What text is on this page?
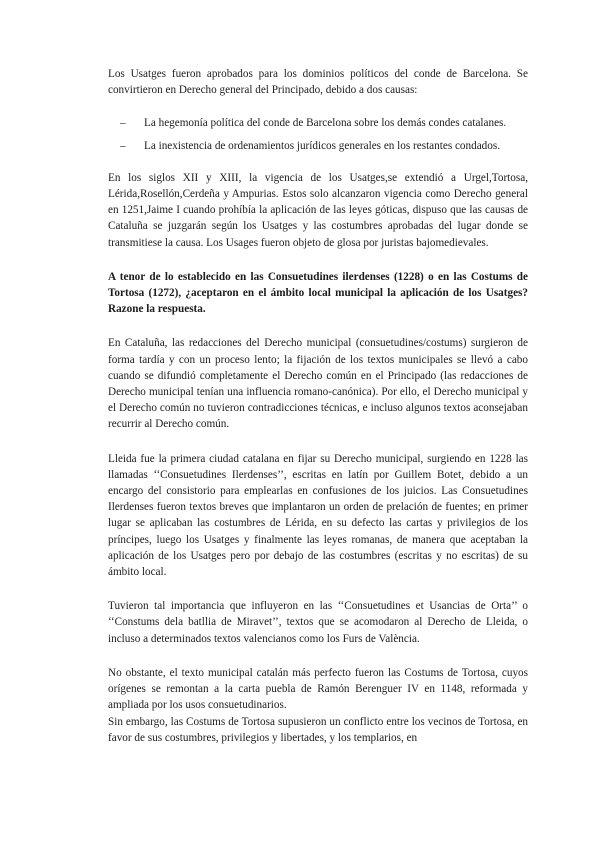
Los Usatges fueron aprobados para los dominios políticos del conde de Barcelona. Se convirtieron en Derecho general del Principado, debido a dos causas:

– La hegemonía política del conde de Barcelona sobre los demás condes catalanes.
– La inexistencia de ordenamientos jurídicos generales en los restantes condados.

En los siglos XII y XIII, la vigencia de los Usatges,se extendió a Urgel,Tortosa, Lérida,Rosellón,Cerdeña y Ampurias. Estos solo alcanzaron vigencia como Derecho general en 1251,Jaime I cuando prohíbía la aplicación de las leyes góticas, dispuso que las causas de Cataluña se juzgarán según los Usatges y las costumbres aprobadas del lugar donde se transmitiese la causa. Los Usages fueron objeto de glosa por juristas bajomedievales.

A tenor de lo establecido en las Consuetudines ilerdenses (1228) o en las Costums de Tortosa (1272), ¿aceptaron en el ámbito local municipal la aplicación de los Usatges? Razone la respuesta.

En Cataluña, las redacciones del Derecho municipal (consuetudines/costums) surgieron de forma tardía y con un proceso lento; la fijación de los textos municipales se llevó a cabo cuando se difundió completamente el Derecho común en el Principado (las redacciones de Derecho municipal tenían una influencia romano-canónica). Por ello, el Derecho municipal y el Derecho común no tuvieron contradicciones técnicas, e incluso algunos textos aconsejaban recurrir al Derecho común.

Lleida fue la primera ciudad catalana en fijar su Derecho municipal, surgiendo en 1228 las llamadas ‘‘Consuetudines Ilerdenses’’, escritas en latín por Guillem Botet, debido a un encargo del consistorio para emplearlas en confusiones de los juicios. Las Consuetudines Ilerdenses fueron textos breves que implantaron un orden de prelación de fuentes; en primer lugar se aplicaban las costumbres de Lérida, en su defecto las cartas y privilegios de los príncipes, luego los Usatges y finalmente las leyes romanas, de manera que aceptaban la aplicación de los Usatges pero por debajo de las costumbres (escritas y no escritas) de su ámbito local.

Tuvieron tal importancia que influyeron en las ‘‘Consuetudines et Usancias de Orta’’ o ‘‘Constums dela batllia de Miravet’’, textos que se acomodaron al Derecho de Lleida, o incluso a determinados textos valencianos como los Furs de València.

No obstante, el texto municipal catalán más perfecto fueron las Costums de Tortosa, cuyos orígenes se remontan a la carta puebla de Ramón Berenguer IV en 1148, reformada y ampliada por los usos consuetudinarios.

Sin embargo, las Costums de Tortosa supusieron un conflicto entre los vecinos de Tortosa, en favor de sus costumbres, privilegios y libertades, y los templarios, en
